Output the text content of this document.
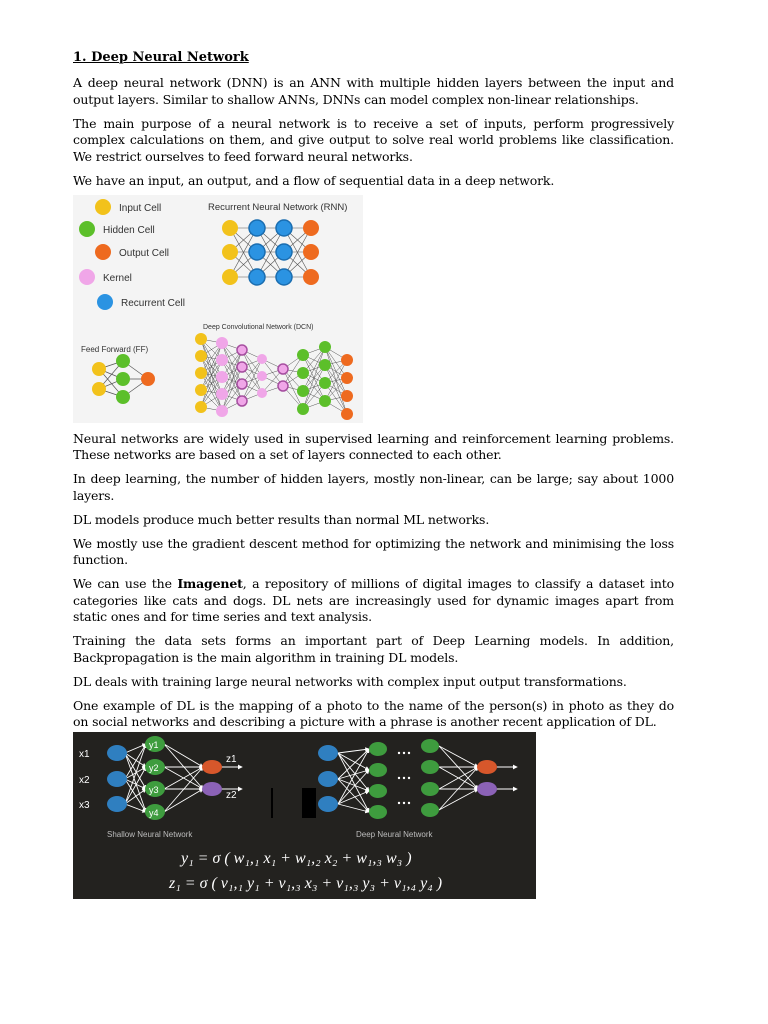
1. Deep Neural Network

A deep neural network (DNN) is an ANN with multiple hidden layers between the input and output layers. Similar to shallow ANNs, DNNs can model complex non-linear relationships.

The main purpose of a neural network is to receive a set of inputs, perform progressively complex calculations on them, and give output to solve real world problems like classification. We restrict ourselves to feed forward neural networks.

We have an input, an output, and a flow of sequential data in a deep network.

Input Cell
Hidden Cell
Output Cell
Kernel
Recurrent Cell
Recurrent Neural Network (RNN)
Feed Forward (FF)
Deep Convolutional Network (DCN)

Neural networks are widely used in supervised learning and reinforcement learning problems. These networks are based on a set of layers connected to each other.

In deep learning, the number of hidden layers, mostly non-linear, can be large; say about 1000 layers.

DL models produce much better results than normal ML networks.

We mostly use the gradient descent method for optimizing the network and minimising the loss function.

We can use the Imagenet, a repository of millions of digital images to classify a dataset into categories like cats and dogs. DL nets are increasingly used for dynamic images apart from static ones and for time series and text analysis.

Training the data sets forms an important part of Deep Learning models. In addition, Backpropagation is the main algorithm in training DL models.

DL deals with training large neural networks with complex input output transformations.

One example of DL is the mapping of a photo to the name of the person(s) in photo as they do on social networks and describing a picture with a phrase is another recent application of DL.

x1
x2
x3
y1
y2
y3
y4
z1
z2
Shallow Neural Network	Deep Neural Network
y₁ = σ ( w₁,₁ x₁ + w₁,₂ x₂ + w₁,₃ w₃ )
z₁ = σ ( v₁,₁ y₁ + v₁,₃ x₃ + v₁,₃ y₃ + v₁,₄ y₄ )
